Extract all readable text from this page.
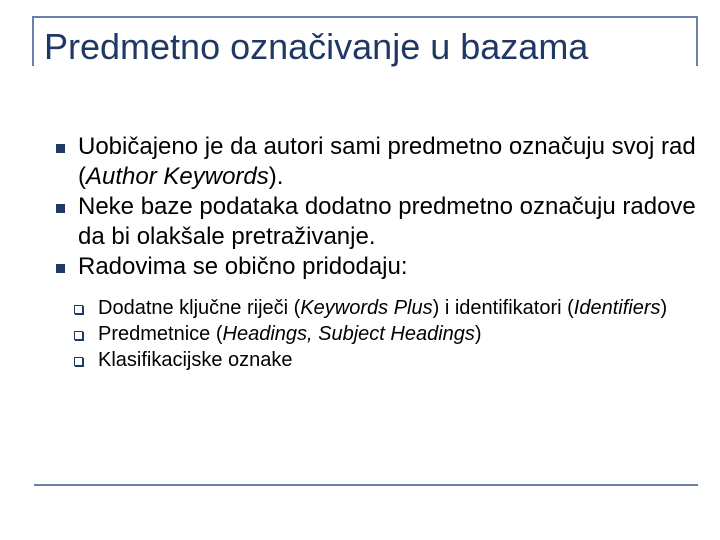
Predmetno označivanje u bazama
Uobičajeno je da autori sami predmetno označuju svoj rad (Author Keywords).
Neke baze podataka dodatno predmetno označuju radove da bi olakšale pretraživanje.
Radovima se obično pridodaju:
Dodatne ključne riječi (Keywords Plus) i identifikatori (Identifiers)
Predmetnice (Headings, Subject Headings)
Klasifikacijske oznake
